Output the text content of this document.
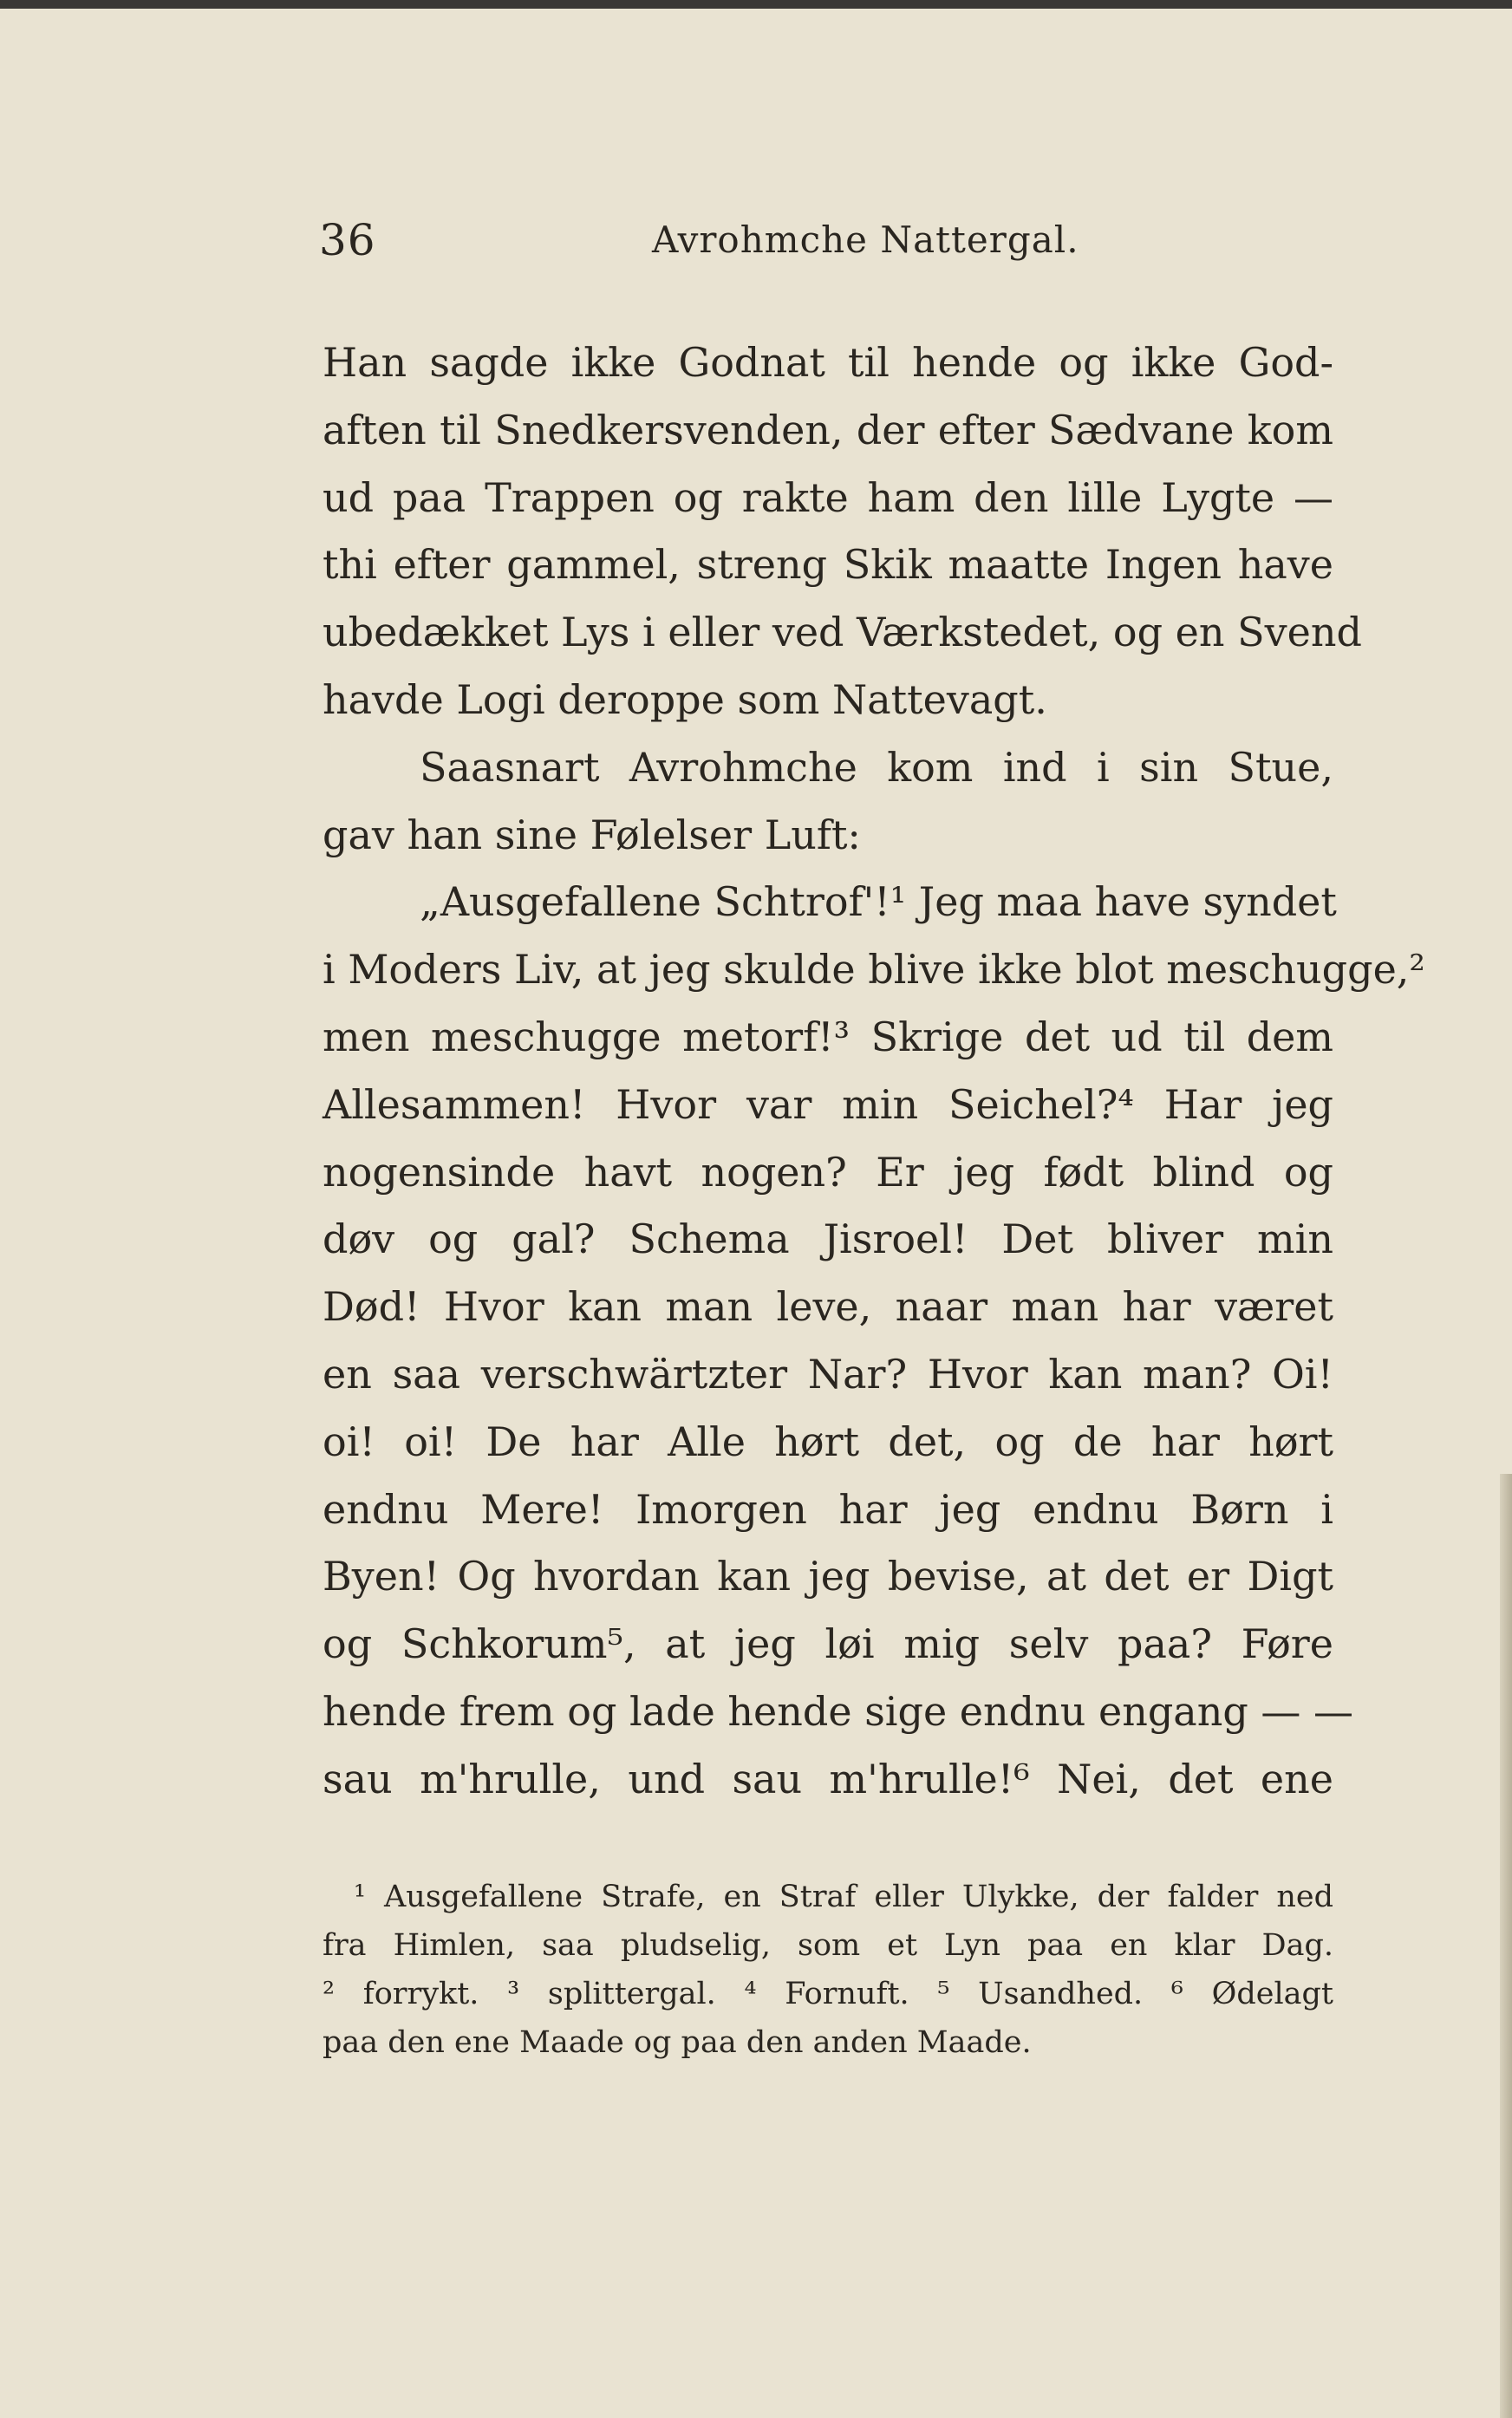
36	Avrohmche Nattergal.
Han sagde ikke Godnat til hende og ikke God-
aften til Snedkersvenden, der efter Sædvane kom
ud paa Trappen og rakte ham den lille Lygte —
thi efter gammel, streng Skik maatte Ingen have
ubedækket Lys i eller ved Værkstedet, og en Svend
havde Logi deroppe som Nattevagt.
Saasnart Avrohmche kom ind i sin Stue,
gav han sine Følelser Luft:
„Ausgefallene Schtrof'!¹ Jeg maa have syndet
i Moders Liv, at jeg skulde blive ikke blot meschugge,²
men meschugge metorf!³ Skrige det ud til dem
Allesammen! Hvor var min Seichel?⁴ Har jeg
nogensinde havt nogen? Er jeg født blind og
døv og gal? Schema Jisroel! Det bliver min
Død! Hvor kan man leve, naar man har været
en saa verschwärtzter Nar? Hvor kan man? Oi!
oi! oi! De har Alle hørt det, og de har hørt
endnu Mere! Imorgen har jeg endnu Børn i
Byen! Og hvordan kan jeg bevise, at det er Digt
og Schkorum⁵, at jeg løi mig selv paa? Føre
hende frem og lade hende sige endnu engang — —
sau m'hrulle, und sau m'hrulle!⁶ Nei, det ene
¹ Ausgefallene Strafe, en Straf eller Ulykke, der falder ned
fra Himlen, saa pludselig, som et Lyn paa en klar Dag.
² forrykt. ³ splittergal. ⁴ Fornuft. ⁵ Usandhed. ⁶ Ødelagt
paa den ene Maade og paa den anden Maade.
